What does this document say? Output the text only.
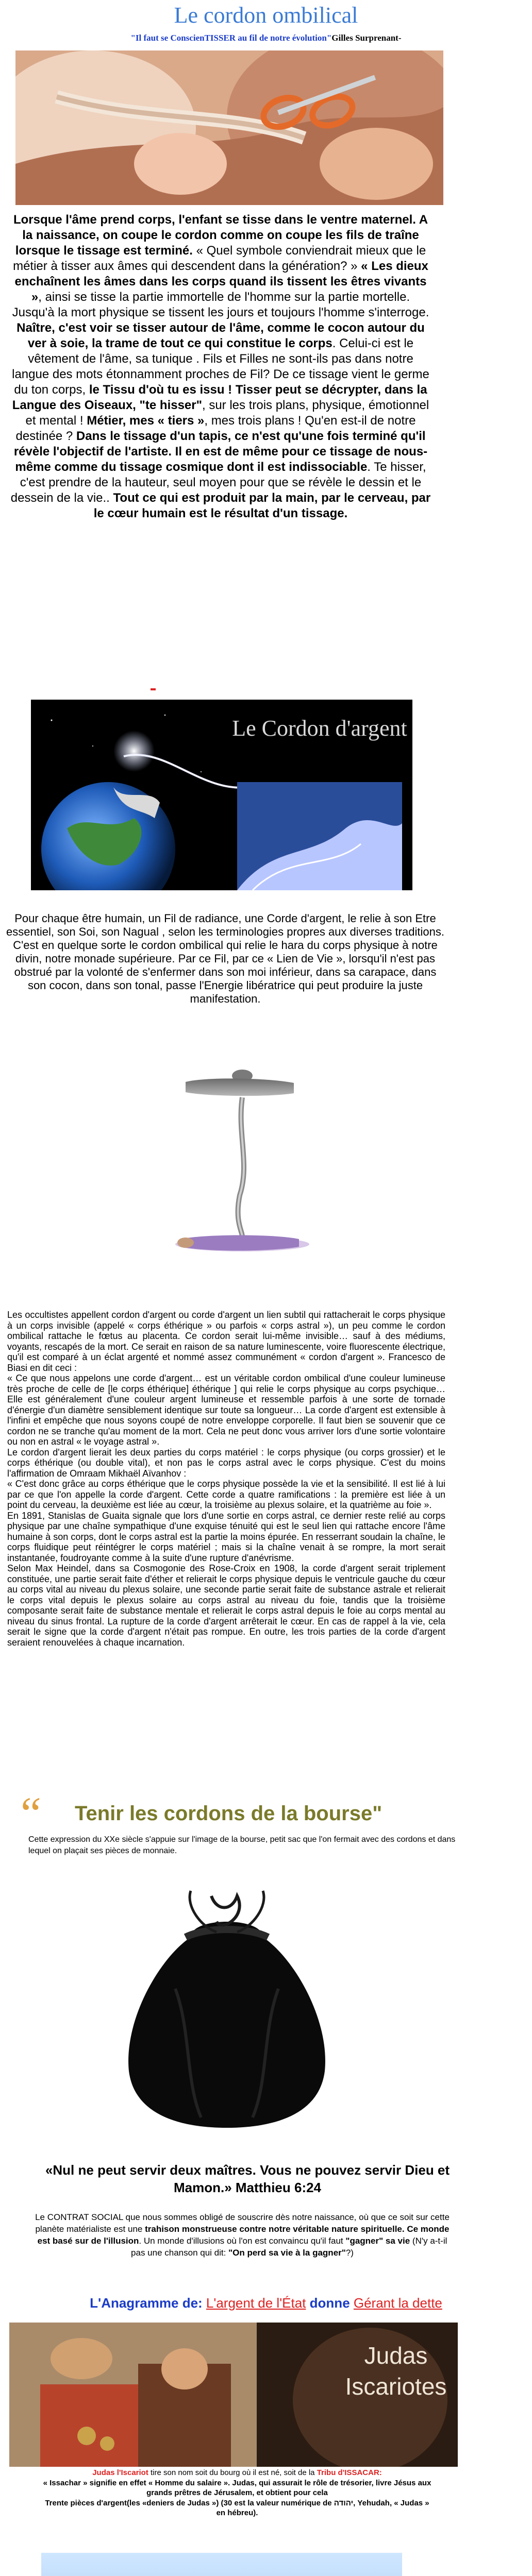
Le cordon ombilical
"Il faut se ConscienTISSER au fil de notre évolution"Gilles Surprenant-
Lorsque l'âme prend corps, l'enfant se tisse dans le ventre maternel. A la naissance, on coupe le cordon comme on coupe les fils de traîne lorsque le tissage est terminé. « Quel symbole conviendrait mieux que le métier à tisser aux âmes qui descendent dans la génération? » « Les dieux enchaînent les âmes dans les corps quand ils tissent les êtres vivants », ainsi se tisse la partie immortelle de l'homme sur la partie mortelle. Jusqu'à la mort physique se tissent les jours et toujours l'homme s'interroge. Naître, c'est voir se tisser autour de l'âme, comme le cocon autour du ver à soie, la trame de tout ce qui constitue le corps. Celui-ci est le vêtement de l'âme, sa tunique . Fils et Filles ne sont-ils pas dans notre langue des mots étonnamment proches de Fil? De ce tissage vient le germe du ton corps, le Tissu d'où tu es issu ! Tisser peut se décrypter, dans la Langue des Oiseaux, "te hisser", sur les trois plans, physique, émotionnel et mental ! Métier, mes « tiers », mes trois plans ! Qu'en est-il de notre destinée ? Dans le tissage d'un tapis, ce n'est qu'une fois terminé qu'il révèle l'objectif de l'artiste. Il en est de même pour ce tissage de nous-même comme du tissage cosmique dont il est indissociable. Te hisser, c'est prendre de la hauteur, seul moyen pour que se révèle le dessin et le dessein de la vie.. Tout ce qui est produit par la main, par le cerveau, par le cœur humain est le résultat d'un tissage.
Le Cordon d'argent
Pour chaque être humain, un Fil de radiance, une Corde d'argent, le relie à son Etre essentiel, son Soi, son Nagual , selon les terminologies propres aux diverses traditions. C'est en quelque sorte le cordon ombilical qui relie le hara du corps physique à notre divin, notre monade supérieure. Par ce Fil, par ce « Lien de Vie », lorsqu'il n'est pas obstrué par la volonté de s'enfermer dans son moi inférieur, dans sa carapace, dans son cocon, dans son tonal, passe l'Energie libératrice qui peut produire la juste manifestation.
Les occultistes appellent cordon d'argent ou corde d'argent un lien subtil qui rattacherait le corps physique à un corps invisible (appelé « corps éthérique » ou parfois « corps astral »), un peu comme le cordon ombilical rattache le fœtus au placenta. Ce cordon serait lui-même invisible… sauf à des médiums, voyants, rescapés de la mort. Ce serait en raison de sa nature luminescente, voire fluorescente électrique, qu'il est comparé à un éclat argenté et nommé assez communément « cordon d'argent ». Francesco de Biasi en dit ceci :
« Ce que nous appelons une corde d'argent… est un véritable cordon ombilical d'une couleur lumineuse très proche de celle de [le corps éthérique] éthérique ] qui relie le corps physique au corps psychique… Elle est généralement d'une couleur argent lumineuse et ressemble parfois à une sorte de tornade d'énergie d'un diamètre sensiblement identique sur toute sa longueur… La corde d'argent est extensible à l'infini et empêche que nous soyons coupé de notre enveloppe corporelle. Il faut bien se souvenir que ce cordon ne se tranche qu'au moment de la mort. Cela ne peut donc vous arriver lors d'une sortie volontaire ou non en astral « le voyage astral ».
Le cordon d'argent lierait les deux parties du corps matériel : le corps physique (ou corps grossier) et le corps éthérique (ou double vital), et non pas le corps astral avec le corps physique. C'est du moins l'affirmation de Omraam Mikhaël Aïvanhov :
« C'est donc grâce au corps éthérique que le corps physique possède la vie et la sensibilité. Il est lié à lui par ce que l'on appelle la corde d'argent. Cette corde a quatre ramifications : la première est liée à un point du cerveau, la deuxième est liée au cœur, la troisième au plexus solaire, et la quatrième au foie ».
En 1891, Stanislas de Guaita signale que lors d'une sortie en corps astral, ce dernier reste relié au corps physique par une chaîne sympathique d'une exquise ténuité qui est le seul lien qui rattache encore l'âme humaine à son corps, dont le corps astral est la partie la moins épurée. En resserrant soudain la chaîne, le corps fluidique peut réintégrer le corps matériel ; mais si la chaîne venait à se rompre, la mort serait instantanée, foudroyante comme à la suite d'une rupture d'anévrisme.
Selon Max Heindel, dans sa Cosmogonie des Rose-Croix en 1908, la corde d'argent serait triplement constituée, une partie serait faite d'éther et relierait le corps physique depuis le ventricule gauche du cœur au corps vital au niveau du plexus solaire, une seconde partie serait faite de substance astrale et relierait le corps vital depuis le plexus solaire au corps astral au niveau du foie, tandis que la troisième composante serait faite de substance mentale et relierait le corps astral depuis le foie au corps mental au niveau du sinus frontal. La rupture de la corde d'argent arrêterait le cœur. En cas de rappel à la vie, cela serait le signe que la corde d'argent n'était pas rompue. En outre, les trois parties de la corde d'argent seraient renouvelées à chaque incarnation.
“ Tenir les cordons de la bourse"
Cette expression du XXe siècle s'appuie sur l'image de la bourse, petit sac que l'on fermait avec des cordons et dans lequel on plaçait ses pièces de monnaie.
«Nul ne peut servir deux maîtres. Vous ne pouvez servir Dieu et Mamon.» Matthieu 6:24
Le CONTRAT SOCIAL que nous sommes obligé de souscrire dès notre naissance, où que ce soit sur cette planète matérialiste est une trahison monstrueuse contre notre véritable nature spirituelle. Ce monde est basé sur de l'illusion. Un monde d'illusions où l'on est convaincu qu'il faut "gagner" sa vie (N'y a-t-il pas une chanson qui dit: "On perd sa vie à la gagner"?)
L'Anagramme de: L'argent de l'État donne Gérant la dette
Judas
Iscariotes
Judas l'Iscariot tire son nom soit du bourg où il est né, soit de la Tribu d'ISSACAR:
« Issachar » signifie en effet « Homme du salaire ». Judas, qui assurait le rôle de trésorier, livre Jésus aux grands prêtres de Jérusalem, et obtient pour cela
Trente pièces d'argent(les «deniers de Judas ») (30 est la valeur numérique de יהודה, Yehudah, « Judas » en hébreu).
